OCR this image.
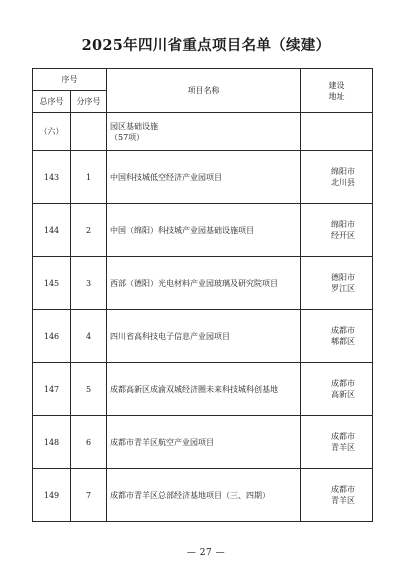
2025年四川省重点项目名单（续建）
序号		项目名称	建设
地址
总序号	分序号		
（六）		园区基础设施
（57项）	
143	1	中国科技城低空经济产业园项目	绵阳市
北川县
144	2	中国（绵阳）科技城产业园基础设施项目	绵阳市
经开区
145	3	西部（德阳）光电材料产业园玻璃及研究院项目	德阳市
罗江区
146	4	四川省高科技电子信息产业园项目	成都市
郫都区
147	5	成都高新区成渝双城经济圈未来科技城科创基地	成都市
高新区
148	6	成都市青羊区航空产业园项目	成都市
青羊区
149	7	成都市青羊区总部经济基地项目（三、四期）	成都市
青羊区
— 27 —
